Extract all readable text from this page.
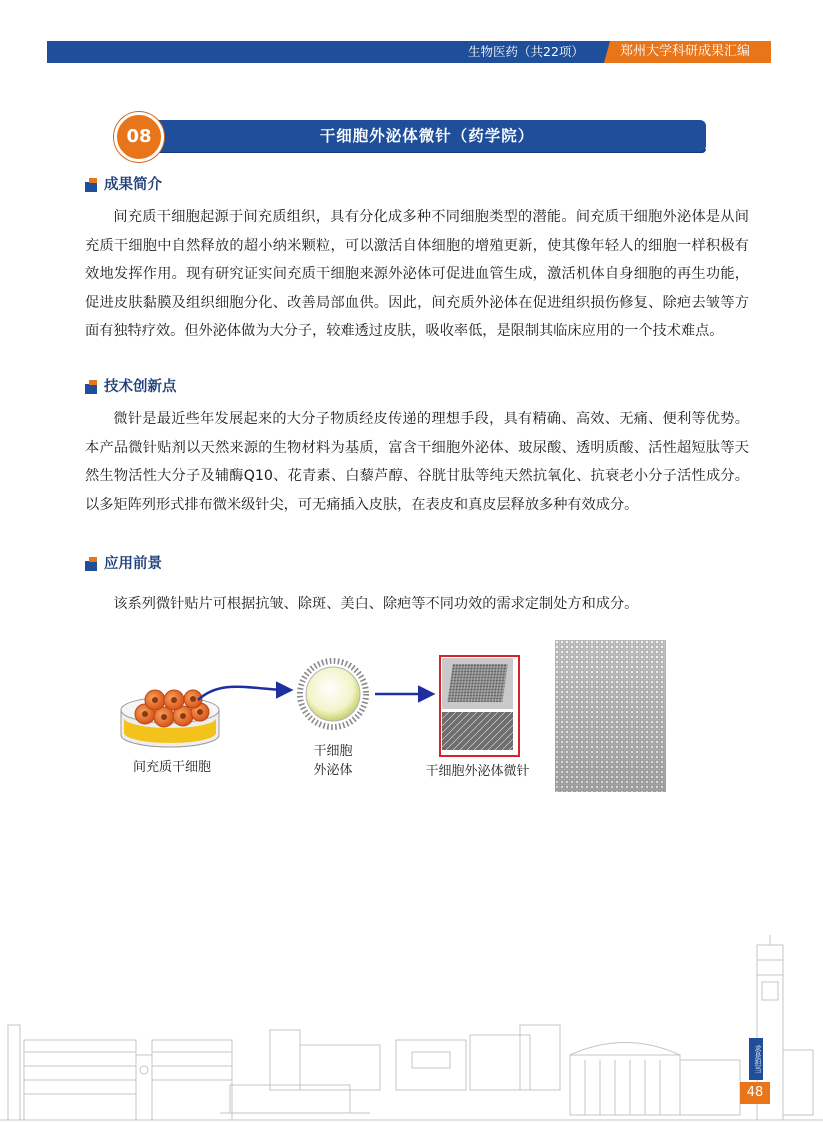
生物医药（共22项）	郑州大学科研成果汇编
干细胞外泌体微针（药学院）
08
成果简介

间充质干细胞起源于间充质组织，具有分化成多种不同细胞类型的潜能。间充质干细胞外泌体是从间充质干细胞中自然释放的超小纳米颗粒，可以激活自体细胞的增殖更新，使其像年轻人的细胞一样积极有效地发挥作用。现有研究证实间充质干细胞来源外泌体可促进血管生成，激活机体自身细胞的再生功能，促进皮肤黏膜及组织细胞分化、改善局部血供。因此，间充质外泌体在促进组织损伤修复、除疤去皱等方面有独特疗效。但外泌体做为大分子，较难透过皮肤，吸收率低，是限制其临床应用的一个技术难点。

技术创新点

微针是最近些年发展起来的大分子物质经皮传递的理想手段，具有精确、高效、无痛、便利等优势。本产品微针贴剂以天然来源的生物材料为基质，富含干细胞外泌体、玻尿酸、透明质酸、活性超短肽等天然生物活性大分子及辅酶Q10、花青素、白藜芦醇、谷胱甘肽等纯天然抗氧化、抗衰老小分子活性成分。以多矩阵列形式排布微米级针尖，可无痛插入皮肤，在表皮和真皮层释放多种有效成分。

应用前景

该系列微针贴片可根据抗皱、除斑、美白、除疤等不同功效的需求定制处方和成分。

间充质干细胞
干细胞
外泌体	干细胞外泌体微针
求是担当
48
